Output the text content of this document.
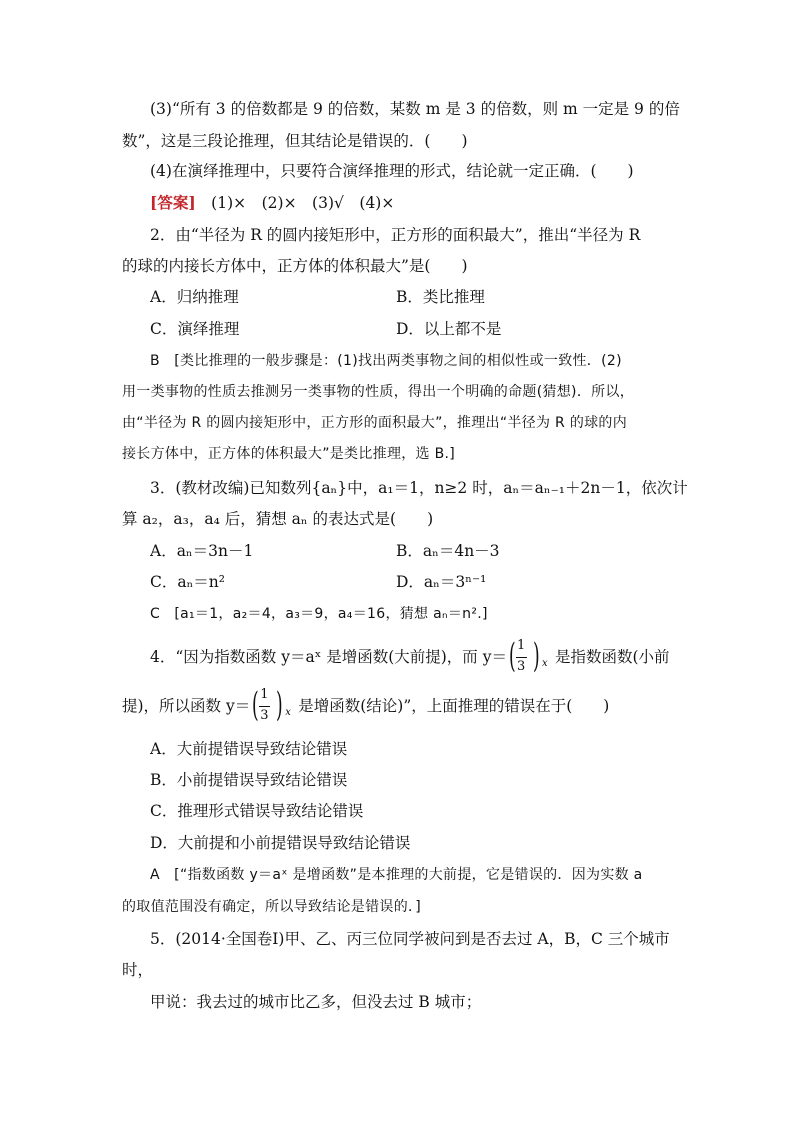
(3)“所有 3 的倍数都是 9 的倍数，某数 m 是 3 的倍数，则 m 一定是 9 的倍
数”，这是三段论推理，但其结论是错误的．(　　)
(4)在演绎推理中，只要符合演绎推理的形式，结论就一定正确．(　　)
[答案]　(1)×　(2)×　(3)√　(4)×
2．由“半径为 R 的圆内接矩形中，正方形的面积最大”，推出“半径为 R
的球的内接长方体中，正方体的体积最大”是(　　)
A．归纳推理	B．类比推理
C．演绎推理	D．以上都不是
B　[类比推理的一般步骤是：(1)找出两类事物之间的相似性或一致性．(2)
用一类事物的性质去推测另一类事物的性质，得出一个明确的命题(猜想)．所以，
由“半径为 R 的圆内接矩形中，正方形的面积最大”，推理出“半径为 R 的球的内
接长方体中，正方体的体积最大”是类比推理，选 B.]
3．(教材改编)已知数列{aₙ}中，a₁＝1，n≥2 时，aₙ＝aₙ₋₁＋2n－1，依次计
算 a₂，a₃，a₄ 后，猜想 aₙ 的表达式是(　　)
A．aₙ＝3n－1	B．aₙ＝4n－3
C．aₙ＝n²	D．aₙ＝3ⁿ⁻¹
C　[a₁＝1，a₂＝4，a₃＝9，a₄＝16，猜想 aₙ＝n².]
4．“因为指数函数 y＝aˣ 是增函数(大前提)，而 y＝ ( 1
3 ) x 是指数函数(小前
提)，所以函数 y＝ ( 1
3 ) x 是增函数(结论)”，上面推理的错误在于(　　)
A．大前提错误导致结论错误
B．小前提错误导致结论错误
C．推理形式错误导致结论错误
D．大前提和小前提错误导致结论错误
A　[“指数函数 y＝aˣ 是增函数”是本推理的大前提，它是错误的．因为实数 a
的取值范围没有确定，所以导致结论是错误的．]
5．(2014·全国卷Ⅰ)甲、乙、丙三位同学被问到是否去过 A，B，C 三个城市
时，
甲说：我去过的城市比乙多，但没去过 B 城市；
